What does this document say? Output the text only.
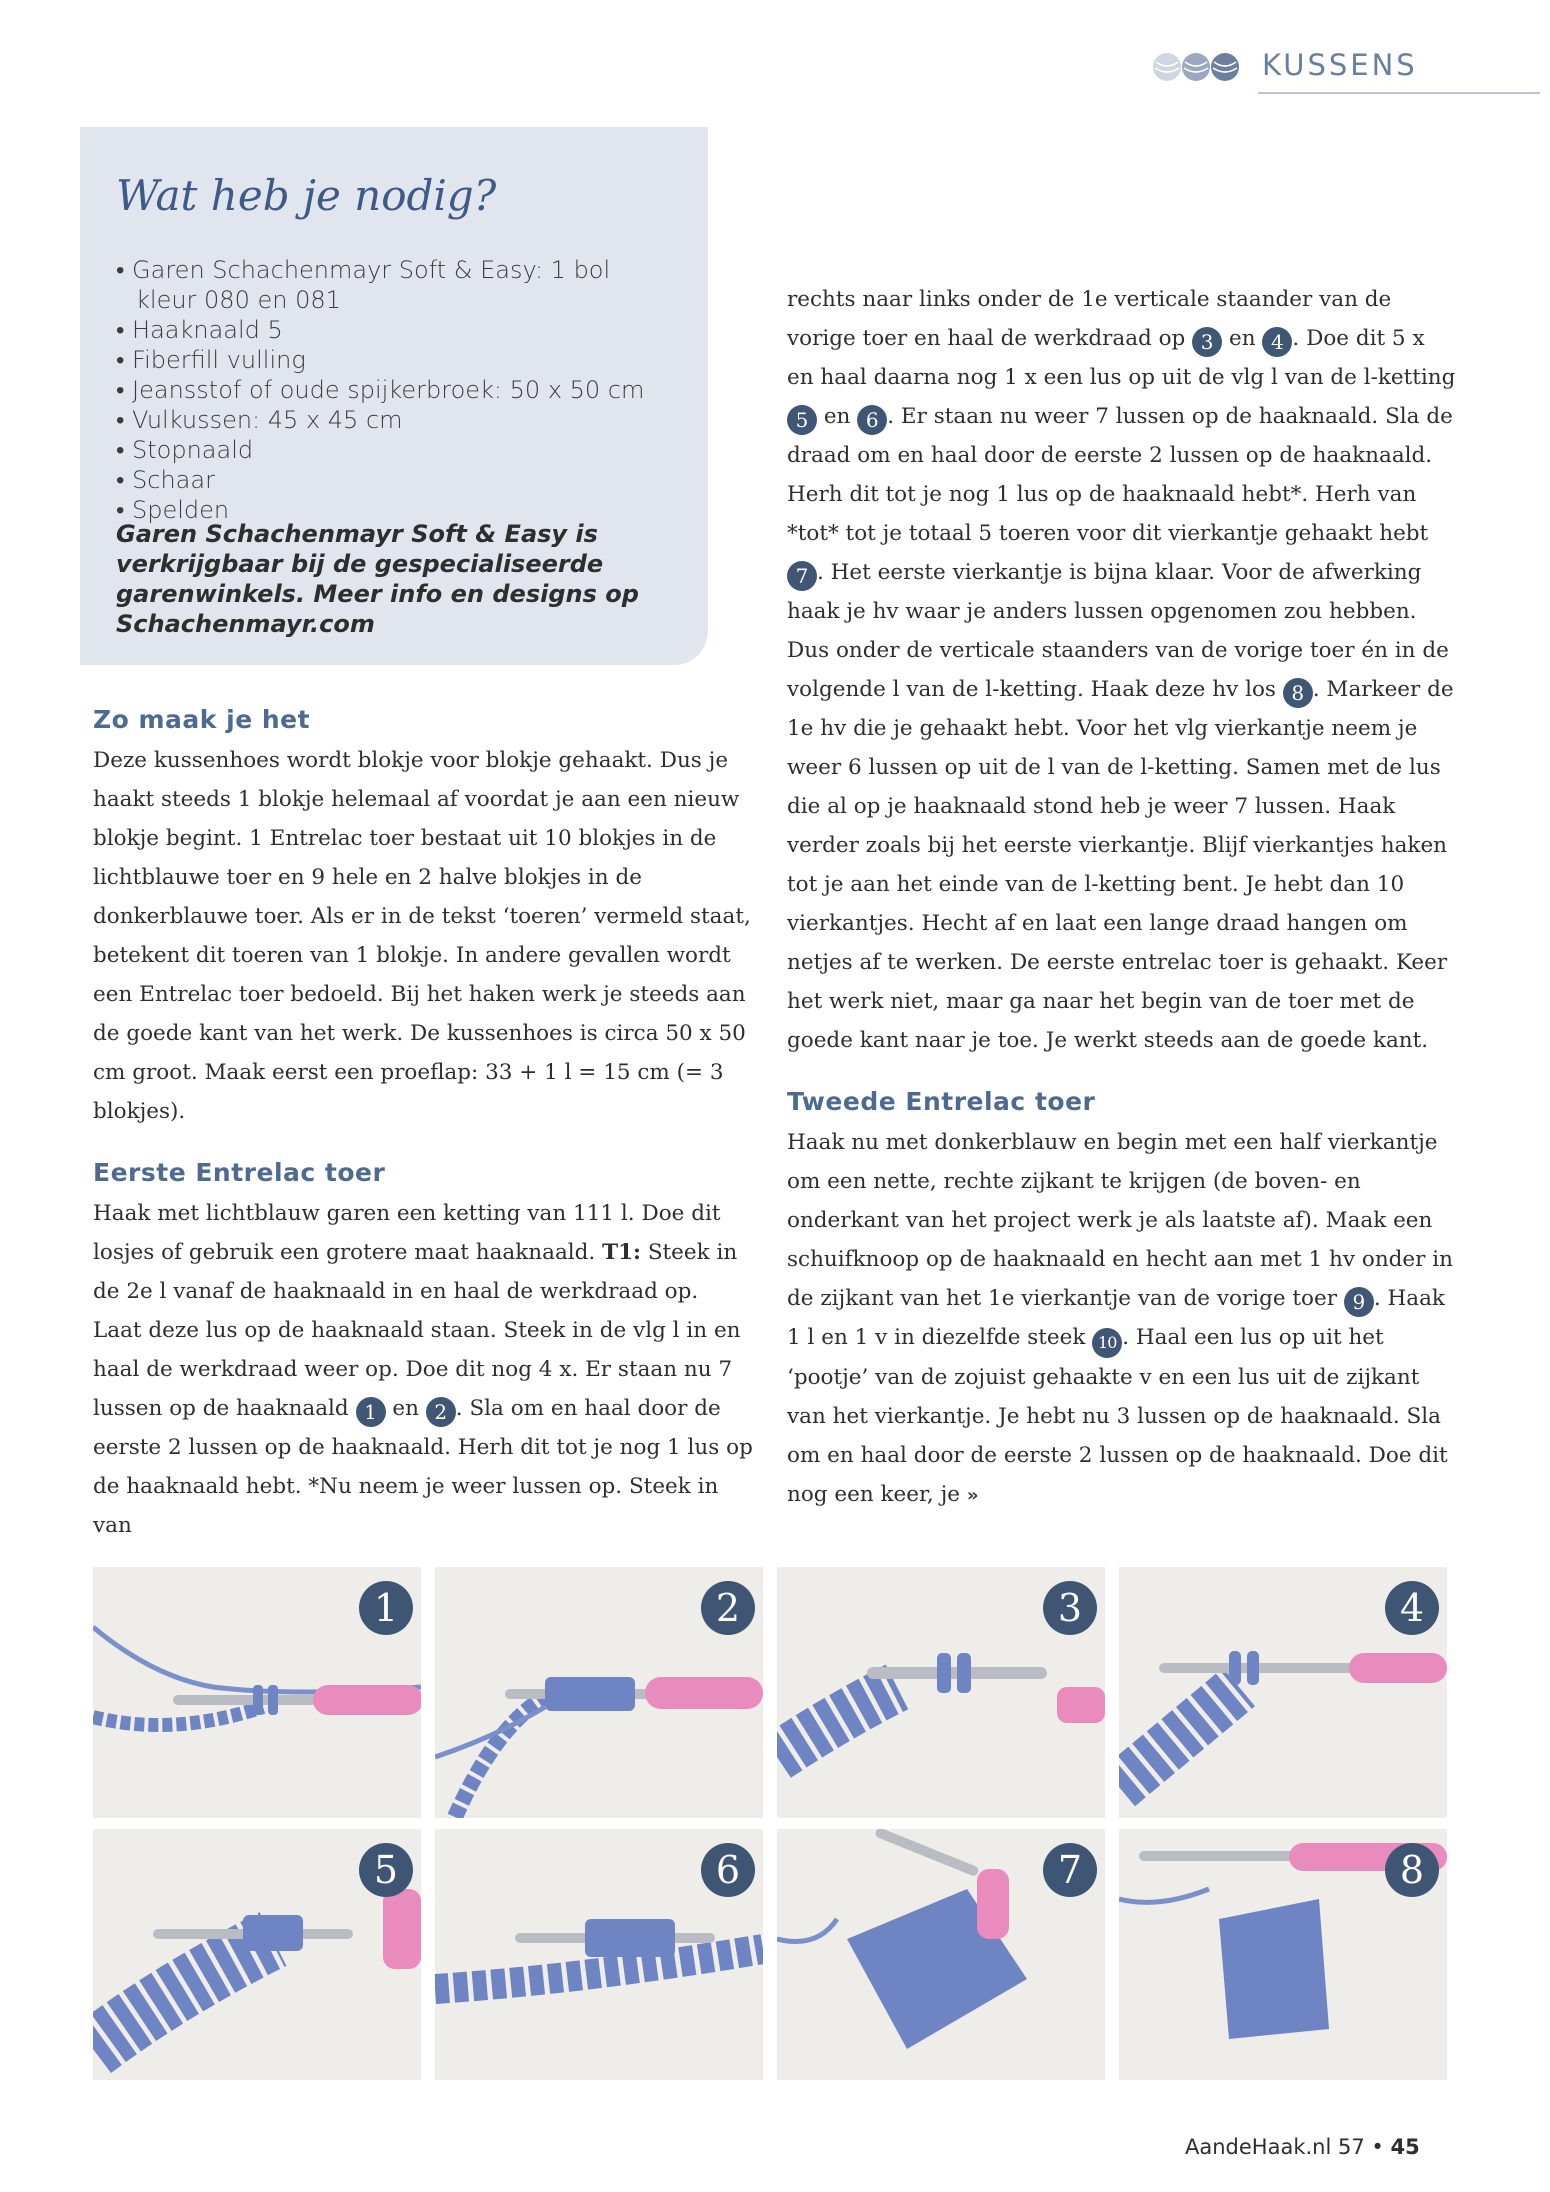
KUSSENS
Wat heb je nodig?
• Garen Schachenmayr Soft & Easy: 1 bol kleur 080 en 081
• Haaknaald 5
• Fiberfill vulling
• Jeansstof of oude spijkerbroek: 50 x 50 cm
• Vulkussen: 45 x 45 cm
• Stopnaald
• Schaar
• Spelden
Garen Schachenmayr Soft & Easy is verkrijgbaar bij de gespecialiseerde garenwinkels. Meer info en designs op Schachenmayr.com
Zo maak je het

Deze kussenhoes wordt blokje voor blokje gehaakt. Dus je haakt steeds 1 blokje helemaal af voordat je aan een nieuw blokje begint. 1 Entrelac toer bestaat uit 10 blokjes in de lichtblauwe toer en 9 hele en 2 halve blokjes in de donkerblauwe toer. Als er in de tekst ‘toeren’ vermeld staat, betekent dit toeren van 1 blokje. In andere gevallen wordt een Entrelac toer bedoeld. Bij het haken werk je steeds aan de goede kant van het werk. De kussenhoes is circa 50 x 50 cm groot. Maak eerst een proeflap: 33 + 1 l = 15 cm (= 3 blokjes).

Eerste Entrelac toer

Haak met lichtblauw garen een ketting van 111 l. Doe dit losjes of gebruik een grotere maat haaknaald. T1: Steek in de 2e l vanaf de haaknaald in en haal de werkdraad op. Laat deze lus op de haaknaald staan. Steek in de vlg l in en haal de werkdraad weer op. Doe dit nog 4 x. Er staan nu 7 lussen op de haaknaald 1 en 2 . Sla om en haal door de eerste 2 lussen op de haaknaald. Herh dit tot je nog 1 lus op de haaknaald hebt. *Nu neem je weer lussen op. Steek in van

rechts naar links onder de 1e verticale staander van de vorige toer en haal de werkdraad op 3 en 4 . Doe dit 5 x en haal daarna nog 1 x een lus op uit de vlg l van de l-ketting 5 en 6 . Er staan nu weer 7 lussen op de haaknaald. Sla de draad om en haal door de eerste 2 lussen op de haaknaald. Herh dit tot je nog 1 lus op de haaknaald hebt*. Herh van *tot* tot je totaal 5 toeren voor dit vierkantje gehaakt hebt 7 . Het eerste vierkantje is bijna klaar. Voor de afwerking haak je hv waar je anders lussen opgenomen zou hebben. Dus onder de verticale staanders van de vorige toer én in de volgende l van de l-ketting. Haak deze hv los 8 . Markeer de 1e hv die je gehaakt hebt. Voor het vlg vierkantje neem je weer 6 lussen op uit de l van de l-ketting. Samen met de lus die al op je haaknaald stond heb je weer 7 lussen. Haak verder zoals bij het eerste vierkantje. Blijf vierkantjes haken tot je aan het einde van de l-ketting bent. Je hebt dan 10 vierkantjes. Hecht af en laat een lange draad hangen om netjes af te werken. De eerste entrelac toer is gehaakt. Keer het werk niet, maar ga naar het begin van de toer met de goede kant naar je toe. Je werkt steeds aan de goede kant.

Tweede Entrelac toer

Haak nu met donkerblauw en begin met een half vierkantje om een nette, rechte zijkant te krijgen (de boven- en onderkant van het project werk je als laatste af). Maak een schuifknoop op de haaknaald en hecht aan met 1 hv onder in de zijkant van het 1e vierkantje van de vorige toer 9 . Haak 1 l en 1 v in diezelfde steek 10 . Haal een lus op uit het ‘pootje’ van de zojuist gehaakte v en een lus uit de zijkant van het vierkantje. Je hebt nu 3 lussen op de haaknaald. Sla om en haal door de eerste 2 lussen op de haaknaald. Doe dit nog een keer, je »

1	2	3	4
5	6	7	8
AandeHaak.nl 57 • 45
